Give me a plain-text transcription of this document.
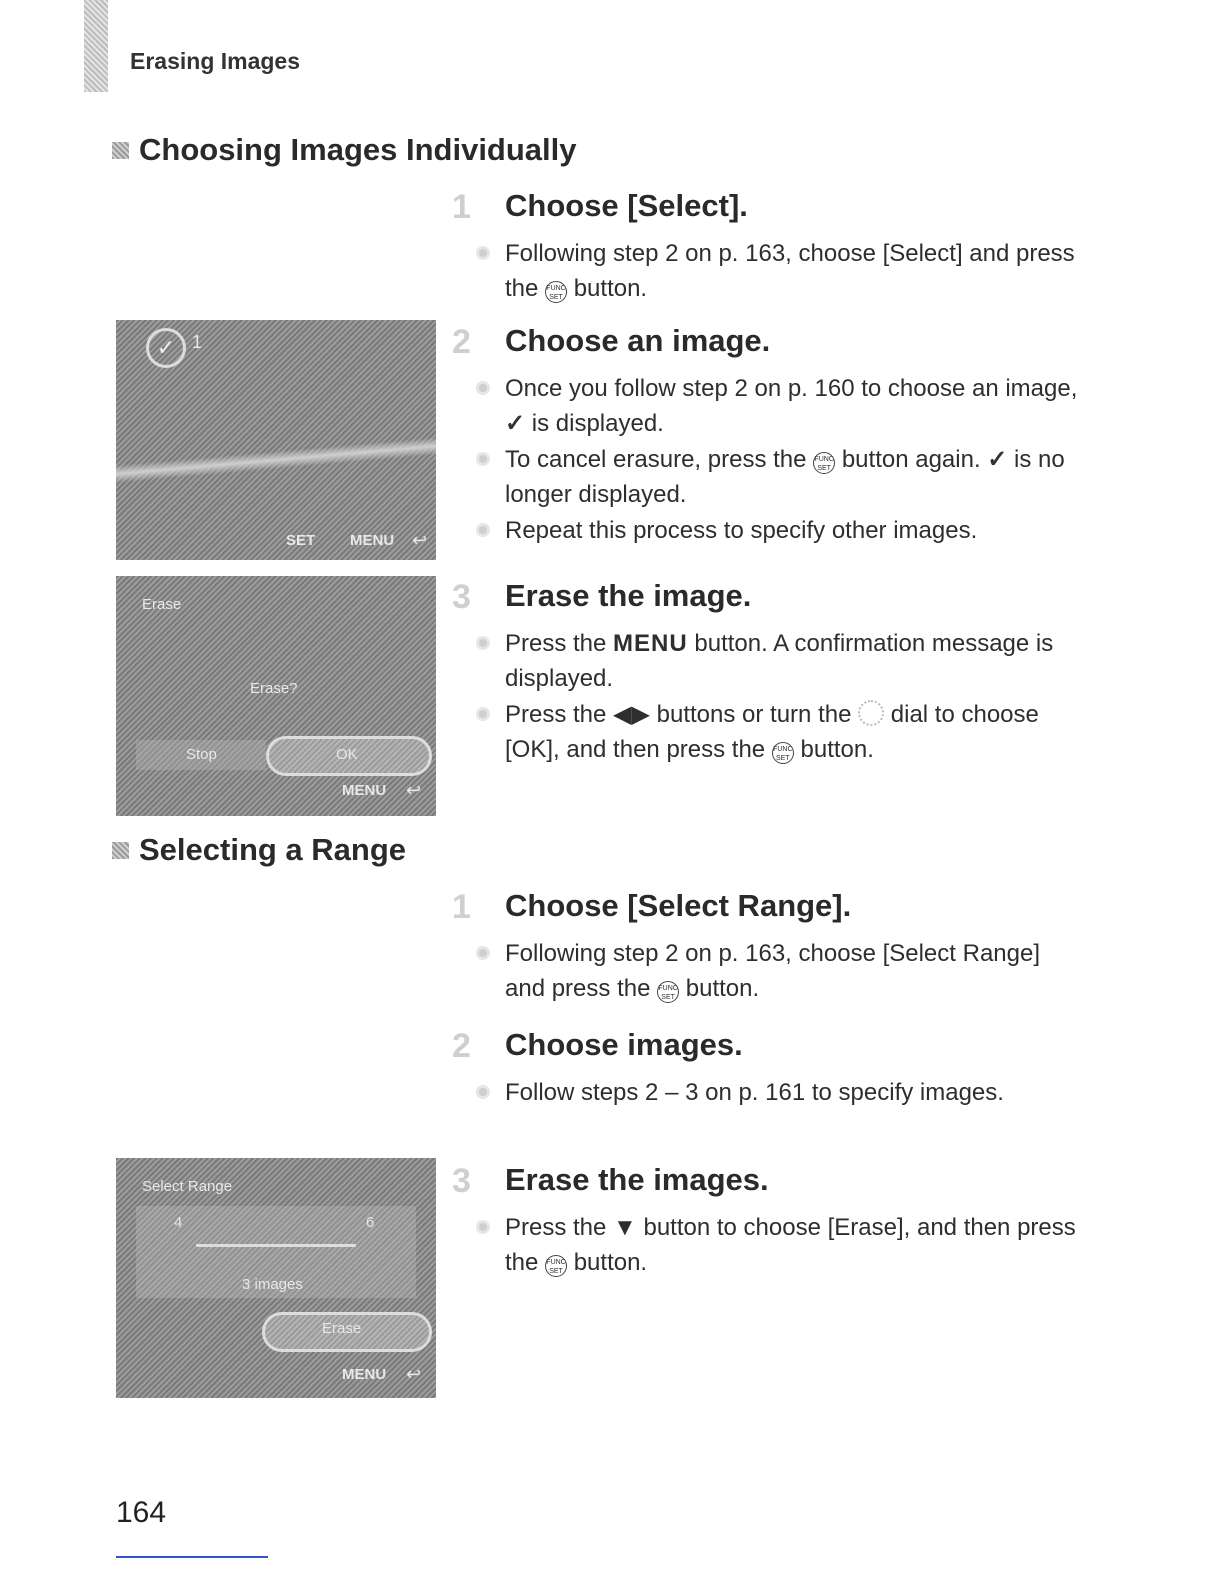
Erasing Images
Choosing Images Individually
1 Choose [Select].
Following step 2 on p. 163, choose [Select] and press the FUNC
SET button.
2 Choose an image.
Once you follow step 2 on p. 160 to choose an image, ✓ is displayed.
To cancel erasure, press the FUNC
SET button again. ✓ is no longer displayed.
Repeat this process to specify other images.
3 Erase the image.
Press the MENU button. A confirmation message is displayed.
Press the ◀▶ buttons or turn the  dial to choose [OK], and then press the FUNC
SET button.
✓ 1
SET MENU ↩
Erase
Erase?
Stop	OK
MENU ↩
Selecting a Range
1 Choose [Select Range].
Following step 2 on p. 163, choose [Select Range] and press the FUNC
SET button.
2 Choose images.
Follow steps 2 – 3 on p. 161 to specify images.
3 Erase the images.
Press the ▼ button to choose [Erase], and then press the FUNC
SET button.
Select Range
4	6
3 images
Erase
MENU ↩
164
